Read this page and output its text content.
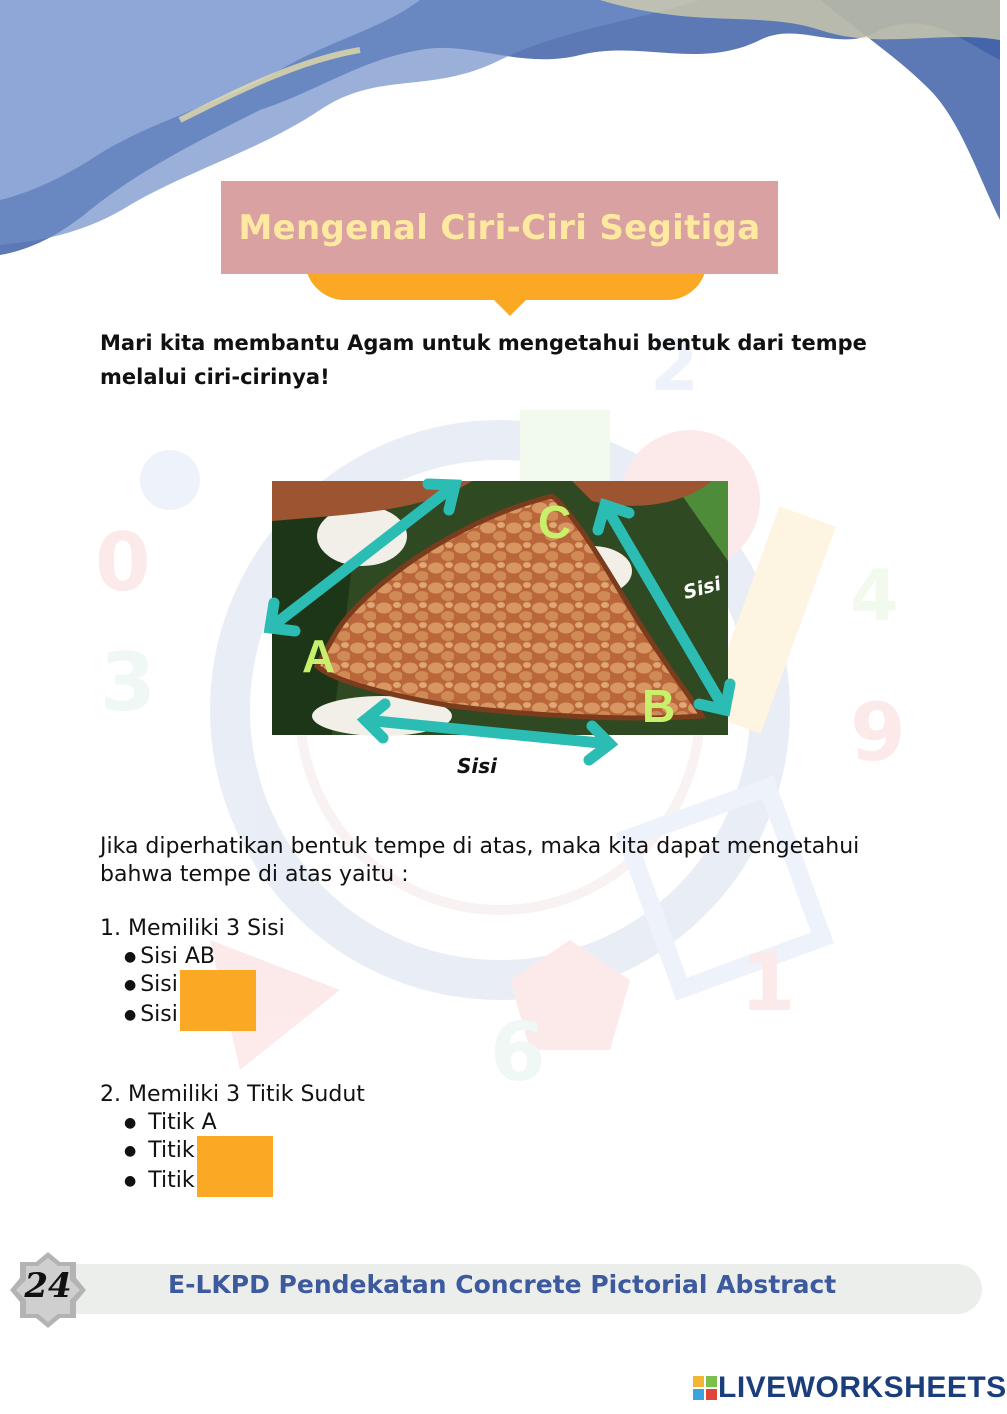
0
3
9
4
2
6
1
Mengenal Ciri-Ciri Segitiga
Mari kita membantu Agam untuk mengetahui bentuk dari tempe
melalui ciri-cirinya!
A
B
C
Sisi
Sisi
Jika diperhatikan bentuk tempe di atas, maka kita dapat mengetahui
bahwa tempe di atas yaitu :
1. Memiliki 3 Sisi
● Sisi AB
● Sisi
● Sisi
2. Memiliki 3 Titik Sudut
● Titik A
● Titik
● Titik
24	E-LKPD Pendekatan Concrete Pictorial Abstract
LIVEWORKSHEETS
